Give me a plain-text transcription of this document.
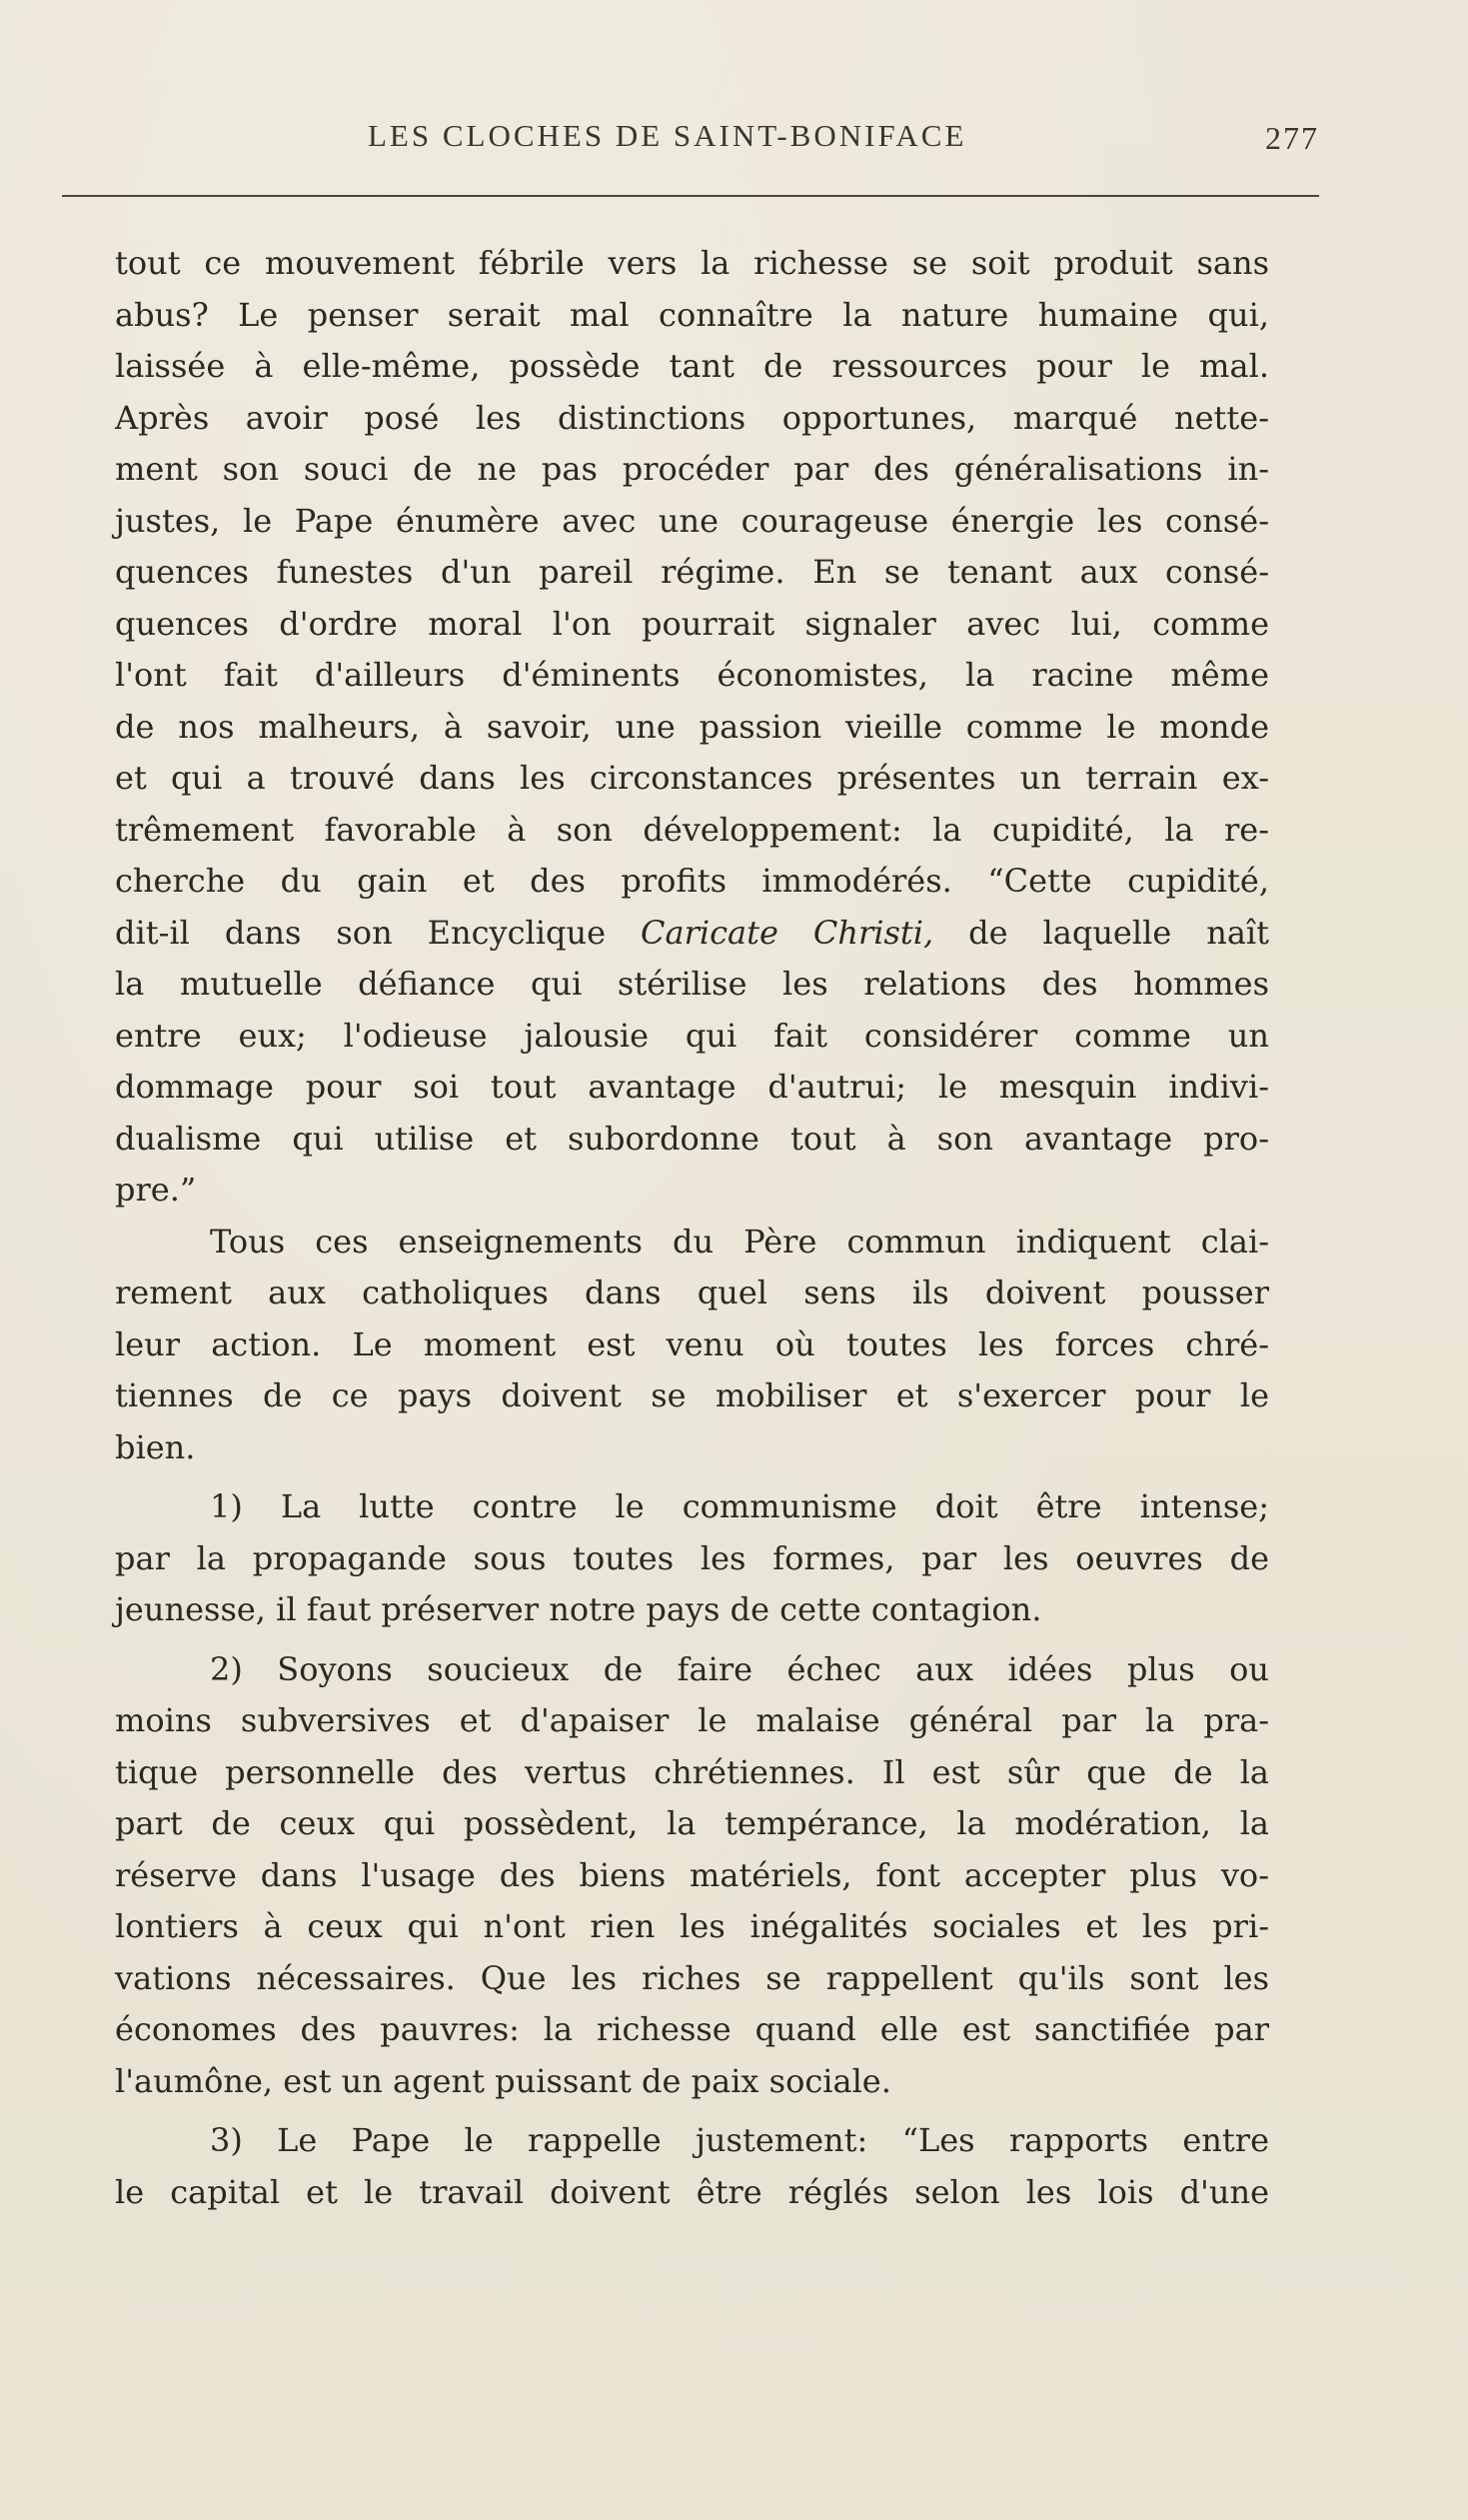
LES CLOCHES DE SAINT-BONIFACE	277
tout ce mouvement fébrile vers la richesse se soit produit sans
abus? Le penser serait mal connaître la nature humaine qui,
laissée à elle-même, possède tant de ressources pour le mal.
Après avoir posé les distinctions opportunes, marqué nette-
ment son souci de ne pas procéder par des généralisations in-
justes, le Pape énumère avec une courageuse énergie les consé-
quences funestes d'un pareil régime. En se tenant aux consé-
quences d'ordre moral l'on pourrait signaler avec lui, comme
l'ont fait d'ailleurs d'éminents économistes, la racine même
de nos malheurs, à savoir, une passion vieille comme le monde
et qui a trouvé dans les circonstances présentes un terrain ex-
trêmement favorable à son développement: la cupidité, la re-
cherche du gain et des profits immodérés. “Cette cupidité,
dit-il dans son Encyclique Caricate Christi, de laquelle naît
la mutuelle défiance qui stérilise les relations des hommes
entre eux; l'odieuse jalousie qui fait considérer comme un
dommage pour soi tout avantage d'autrui; le mesquin indivi-
dualisme qui utilise et subordonne tout à son avantage pro-
pre.”
Tous ces enseignements du Père commun indiquent clai-
rement aux catholiques dans quel sens ils doivent pousser
leur action. Le moment est venu où toutes les forces chré-
tiennes de ce pays doivent se mobiliser et s'exercer pour le
bien.
1) La lutte contre le communisme doit être intense;
par la propagande sous toutes les formes, par les oeuvres de
jeunesse, il faut préserver notre pays de cette contagion.
2) Soyons soucieux de faire échec aux idées plus ou
moins subversives et d'apaiser le malaise général par la pra-
tique personnelle des vertus chrétiennes. Il est sûr que de la
part de ceux qui possèdent, la tempérance, la modération, la
réserve dans l'usage des biens matériels, font accepter plus vo-
lontiers à ceux qui n'ont rien les inégalités sociales et les pri-
vations nécessaires. Que les riches se rappellent qu'ils sont les
économes des pauvres: la richesse quand elle est sanctifiée par
l'aumône, est un agent puissant de paix sociale.
3) Le Pape le rappelle justement: “Les rapports entre
le capital et le travail doivent être réglés selon les lois d'une
